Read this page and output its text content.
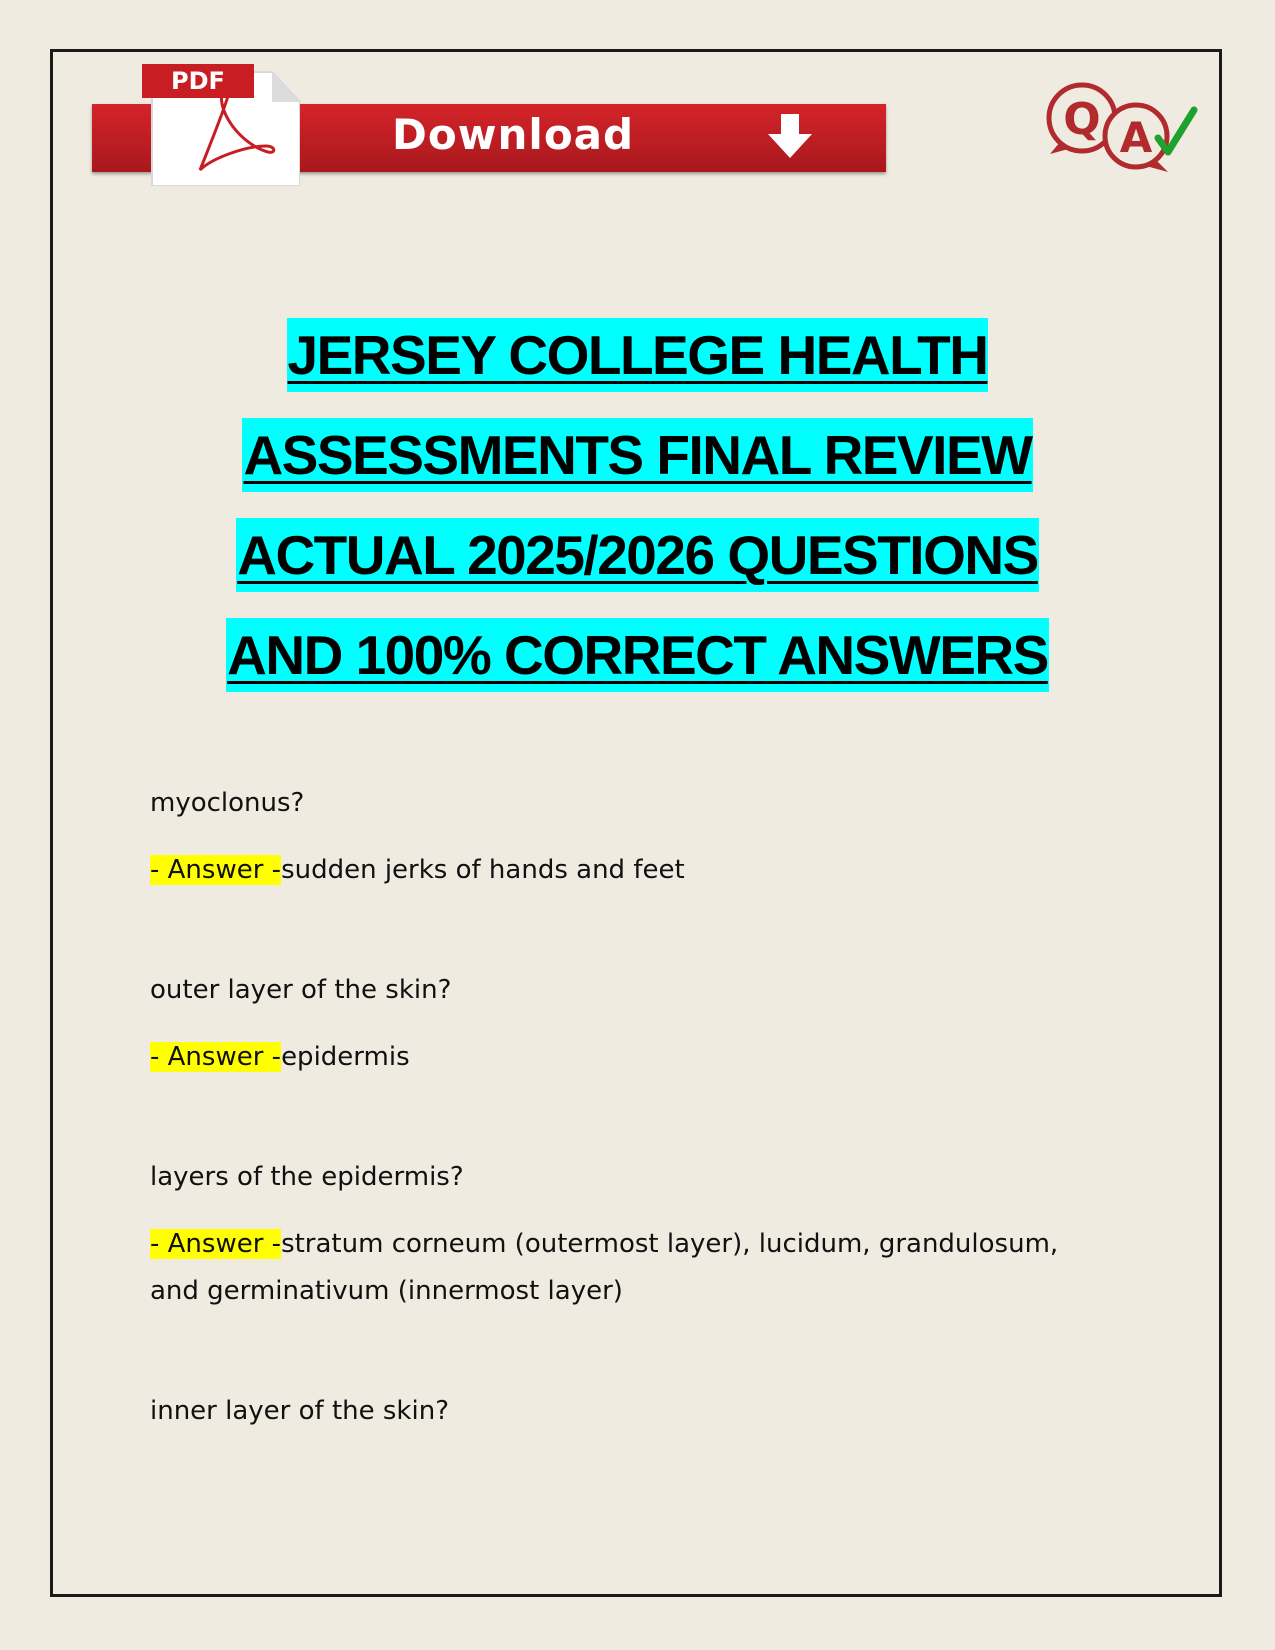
Download
PDF
Q A
JERSEY COLLEGE HEALTH
ASSESSMENTS FINAL REVIEW
ACTUAL 2025/2026 QUESTIONS
AND 100% CORRECT ANSWERS

myoclonus?

- Answer -sudden jerks of hands and feet

outer layer of the skin?

- Answer -epidermis

layers of the epidermis?

- Answer -stratum corneum (outermost layer), lucidum, grandulosum, and germinativum (innermost layer)

inner layer of the skin?
